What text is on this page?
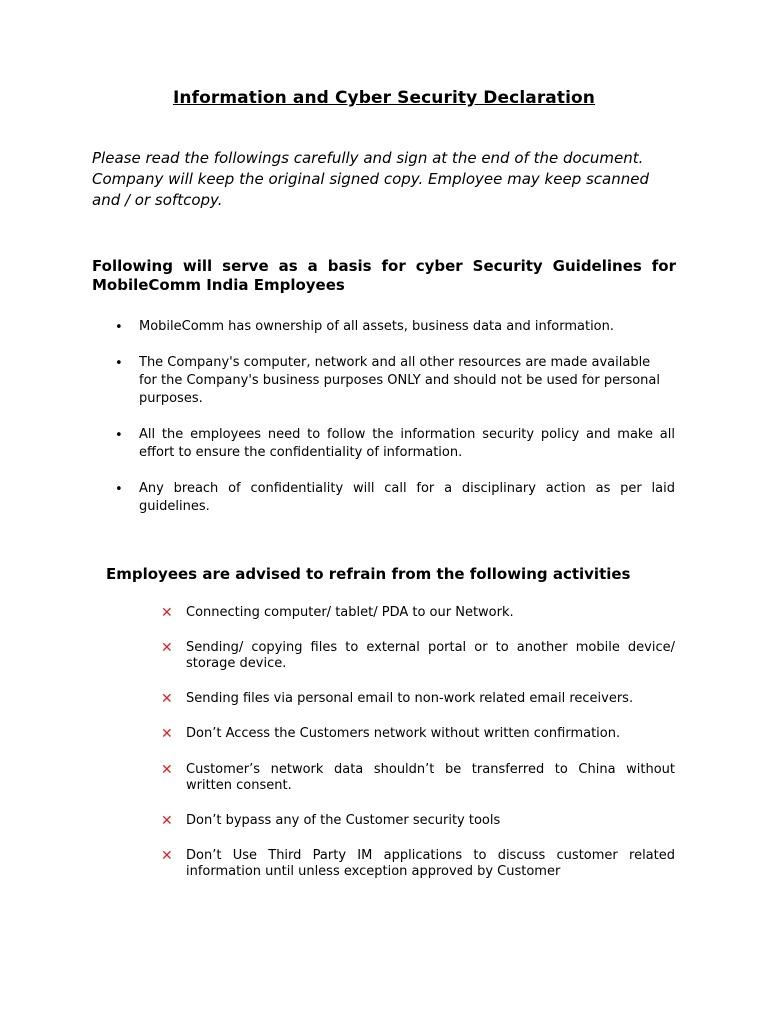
Information and Cyber Security Declaration

Please read the followings carefully and sign at the end of the document.
Company will keep the original signed copy. Employee may keep scanned
and / or softcopy.

Following will serve as a basis for cyber Security Guidelines for
MobileComm India Employees
• MobileComm has ownership of all assets, business data and information.
• The Company's computer, network and all other resources are made available
for the Company's business purposes ONLY and should not be used for personal
purposes.
• All the employees need to follow the information security policy and make all
effort to ensure the confidentiality of information.
• Any breach of confidentiality will call for a disciplinary action as per laid
guidelines.
Employees are advised to refrain from the following activities
✕ Connecting computer/ tablet/ PDA to our Network.
✕ Sending/ copying files to external portal or to another mobile device/
storage device.
✕ Sending files via personal email to non-work related email receivers.
✕ Don’t Access the Customers network without written confirmation.
✕ Customer’s network data shouldn’t be transferred to China without
written consent.
✕ Don’t bypass any of the Customer security tools
✕ Don’t Use Third Party IM applications to discuss customer related
information until unless exception approved by Customer
